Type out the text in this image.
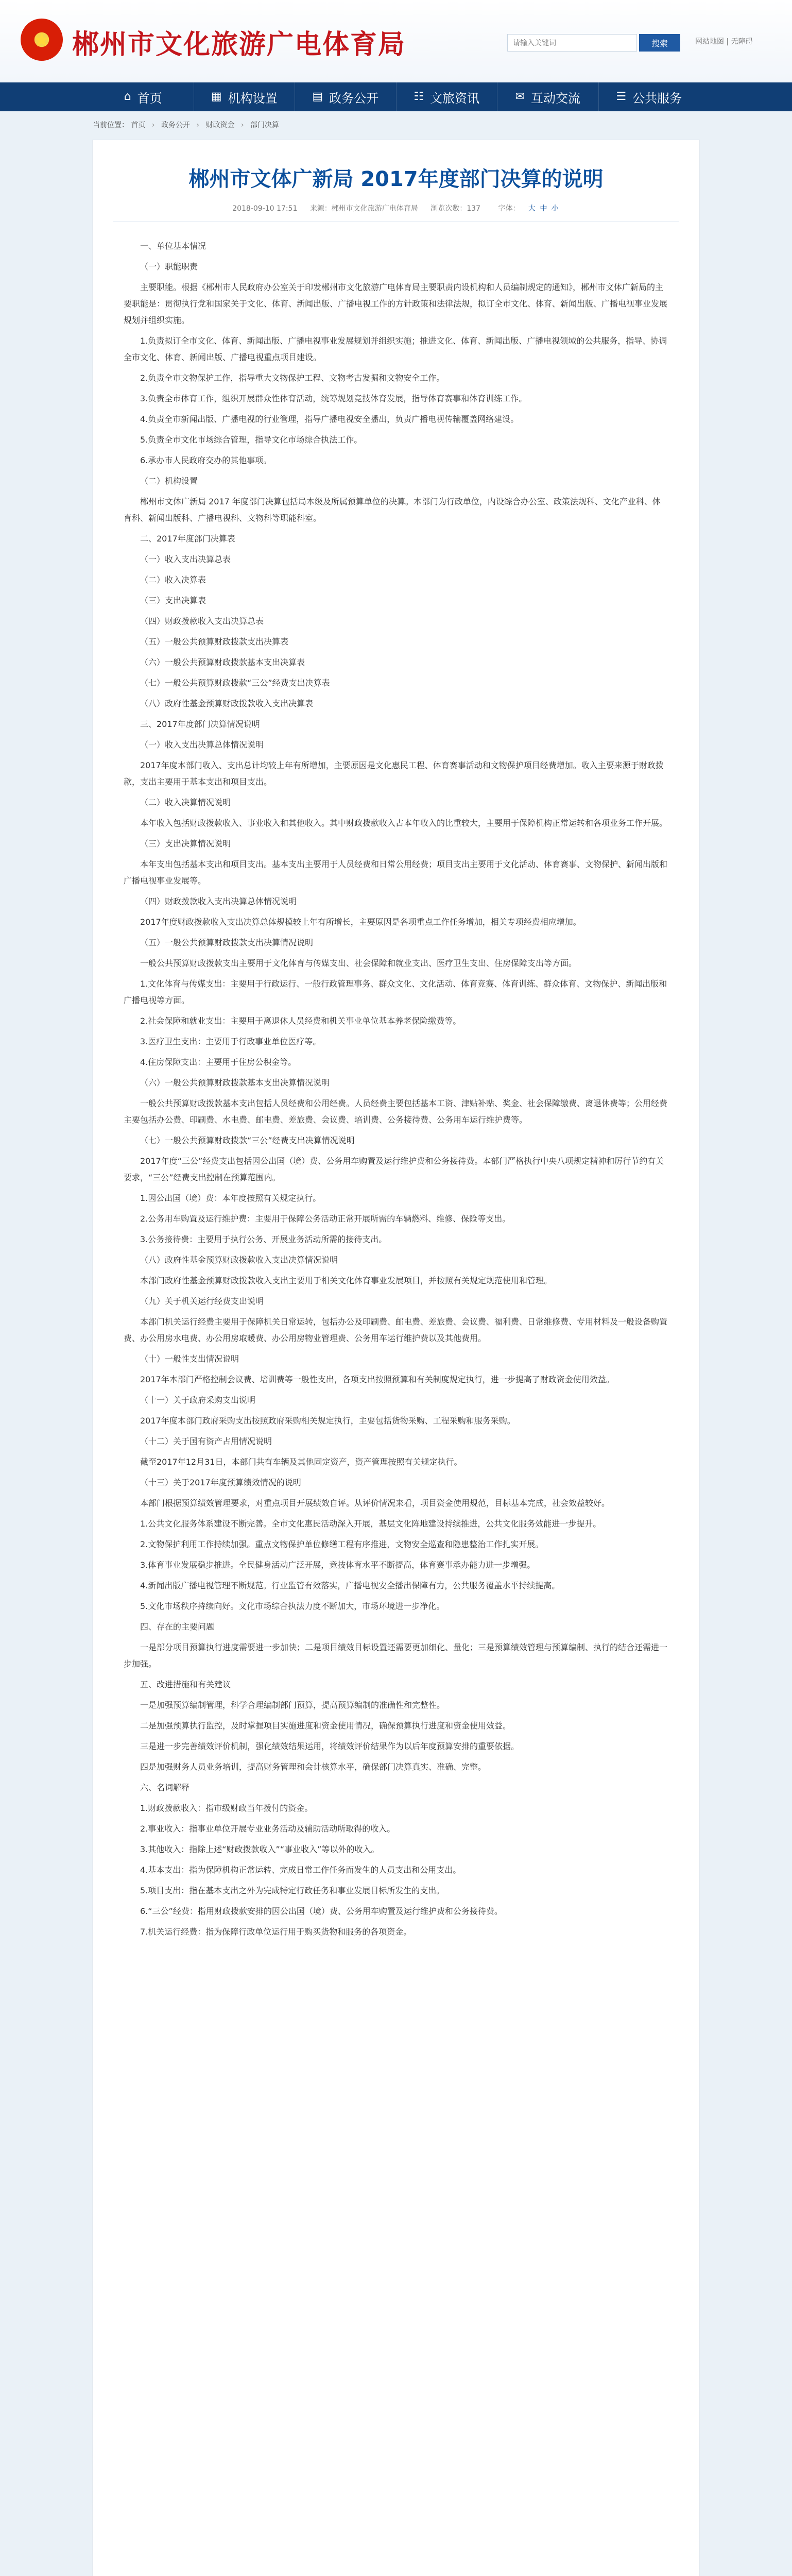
★ 郴州市文化旅游广电体育局
请输入关键词	搜索	网站地图 | 无障碍
⌂ 首页	▦ 机构设置	▤ 政务公开	☷ 文旅资讯	✉ 互动交流	☰ 公共服务
当前位置： 首页 › 政务公开 › 财政资金 › 部门决算
郴州市文体广新局 2017年度部门决算的说明
2018-09-10 17:51 来源：郴州市文化旅游广电体育局 浏览次数：137 字体： 大 中 小

一、单位基本情况

（一）职能职责

主要职能。根据《郴州市人民政府办公室关于印发郴州市文化旅游广电体育局主要职责内设机构和人员编制规定的通知》，郴州市文体广新局的主要职能是：贯彻执行党和国家关于文化、体育、新闻出版、广播电视工作的方针政策和法律法规，拟订全市文化、体育、新闻出版、广播电视事业发展规划并组织实施。

1.负责拟订全市文化、体育、新闻出版、广播电视事业发展规划并组织实施；推进文化、体育、新闻出版、广播电视领域的公共服务，指导、协调全市文化、体育、新闻出版、广播电视重点项目建设。

2.负责全市文物保护工作，指导重大文物保护工程、文物考古发掘和文物安全工作。

3.负责全市体育工作，组织开展群众性体育活动，统筹规划竞技体育发展，指导体育赛事和体育训练工作。

4.负责全市新闻出版、广播电视的行业管理，指导广播电视安全播出，负责广播电视传输覆盖网络建设。

5.负责全市文化市场综合管理，指导文化市场综合执法工作。

6.承办市人民政府交办的其他事项。

（二）机构设置

郴州市文体广新局 2017 年度部门决算包括局本级及所属预算单位的决算。本部门为行政单位，内设综合办公室、政策法规科、文化产业科、体育科、新闻出版科、广播电视科、文物科等职能科室。

二、2017年度部门决算表

（一）收入支出决算总表

（二）收入决算表

（三）支出决算表

（四）财政拨款收入支出决算总表

（五）一般公共预算财政拨款支出决算表

（六）一般公共预算财政拨款基本支出决算表

（七）一般公共预算财政拨款“三公”经费支出决算表

（八）政府性基金预算财政拨款收入支出决算表

三、2017年度部门决算情况说明

（一）收入支出决算总体情况说明

2017年度本部门收入、支出总计均较上年有所增加，主要原因是文化惠民工程、体育赛事活动和文物保护项目经费增加。收入主要来源于财政拨款，支出主要用于基本支出和项目支出。

（二）收入决算情况说明

本年收入包括财政拨款收入、事业收入和其他收入。其中财政拨款收入占本年收入的比重较大，主要用于保障机构正常运转和各项业务工作开展。

（三）支出决算情况说明

本年支出包括基本支出和项目支出。基本支出主要用于人员经费和日常公用经费；项目支出主要用于文化活动、体育赛事、文物保护、新闻出版和广播电视事业发展等。

（四）财政拨款收入支出决算总体情况说明

2017年度财政拨款收入支出决算总体规模较上年有所增长，主要原因是各项重点工作任务增加，相关专项经费相应增加。

（五）一般公共预算财政拨款支出决算情况说明

一般公共预算财政拨款支出主要用于文化体育与传媒支出、社会保障和就业支出、医疗卫生支出、住房保障支出等方面。

1.文化体育与传媒支出：主要用于行政运行、一般行政管理事务、群众文化、文化活动、体育竞赛、体育训练、群众体育、文物保护、新闻出版和广播电视等方面。

2.社会保障和就业支出：主要用于离退休人员经费和机关事业单位基本养老保险缴费等。

3.医疗卫生支出：主要用于行政事业单位医疗等。

4.住房保障支出：主要用于住房公积金等。

（六）一般公共预算财政拨款基本支出决算情况说明

一般公共预算财政拨款基本支出包括人员经费和公用经费。人员经费主要包括基本工资、津贴补贴、奖金、社会保障缴费、离退休费等；公用经费主要包括办公费、印刷费、水电费、邮电费、差旅费、会议费、培训费、公务接待费、公务用车运行维护费等。

（七）一般公共预算财政拨款“三公”经费支出决算情况说明

2017年度“三公”经费支出包括因公出国（境）费、公务用车购置及运行维护费和公务接待费。本部门严格执行中央八项规定精神和厉行节约有关要求，“三公”经费支出控制在预算范围内。

1.因公出国（境）费：本年度按照有关规定执行。

2.公务用车购置及运行维护费：主要用于保障公务活动正常开展所需的车辆燃料、维修、保险等支出。

3.公务接待费：主要用于执行公务、开展业务活动所需的接待支出。

（八）政府性基金预算财政拨款收入支出决算情况说明

本部门政府性基金预算财政拨款收入支出主要用于相关文化体育事业发展项目，并按照有关规定规范使用和管理。

（九）关于机关运行经费支出说明

本部门机关运行经费主要用于保障机关日常运转，包括办公及印刷费、邮电费、差旅费、会议费、福利费、日常维修费、专用材料及一般设备购置费、办公用房水电费、办公用房取暖费、办公用房物业管理费、公务用车运行维护费以及其他费用。

（十）一般性支出情况说明

2017年本部门严格控制会议费、培训费等一般性支出，各项支出按照预算和有关制度规定执行，进一步提高了财政资金使用效益。

（十一）关于政府采购支出说明

2017年度本部门政府采购支出按照政府采购相关规定执行，主要包括货物采购、工程采购和服务采购。

（十二）关于国有资产占用情况说明

截至2017年12月31日，本部门共有车辆及其他固定资产，资产管理按照有关规定执行。

（十三）关于2017年度预算绩效情况的说明

本部门根据预算绩效管理要求，对重点项目开展绩效自评。从评价情况来看，项目资金使用规范，目标基本完成，社会效益较好。

1.公共文化服务体系建设不断完善。全市文化惠民活动深入开展，基层文化阵地建设持续推进，公共文化服务效能进一步提升。

2.文物保护利用工作持续加强。重点文物保护单位修缮工程有序推进，文物安全巡查和隐患整治工作扎实开展。

3.体育事业发展稳步推进。全民健身活动广泛开展，竞技体育水平不断提高，体育赛事承办能力进一步增强。

4.新闻出版广播电视管理不断规范。行业监管有效落实，广播电视安全播出保障有力，公共服务覆盖水平持续提高。

5.文化市场秩序持续向好。文化市场综合执法力度不断加大，市场环境进一步净化。

四、存在的主要问题

一是部分项目预算执行进度需要进一步加快；二是项目绩效目标设置还需要更加细化、量化；三是预算绩效管理与预算编制、执行的结合还需进一步加强。

五、改进措施和有关建议

一是加强预算编制管理，科学合理编制部门预算，提高预算编制的准确性和完整性。

二是加强预算执行监控，及时掌握项目实施进度和资金使用情况，确保预算执行进度和资金使用效益。

三是进一步完善绩效评价机制，强化绩效结果运用，将绩效评价结果作为以后年度预算安排的重要依据。

四是加强财务人员业务培训，提高财务管理和会计核算水平，确保部门决算真实、准确、完整。

六、名词解释

1.财政拨款收入：指市级财政当年拨付的资金。

2.事业收入：指事业单位开展专业业务活动及辅助活动所取得的收入。

3.其他收入：指除上述“财政拨款收入”“事业收入”等以外的收入。

4.基本支出：指为保障机构正常运转、完成日常工作任务而发生的人员支出和公用支出。

5.项目支出：指在基本支出之外为完成特定行政任务和事业发展目标所发生的支出。

6.“三公”经费：指用财政拨款安排的因公出国（境）费、公务用车购置及运行维护费和公务接待费。

7.机关运行经费：指为保障行政单位运行用于购买货物和服务的各项资金。
